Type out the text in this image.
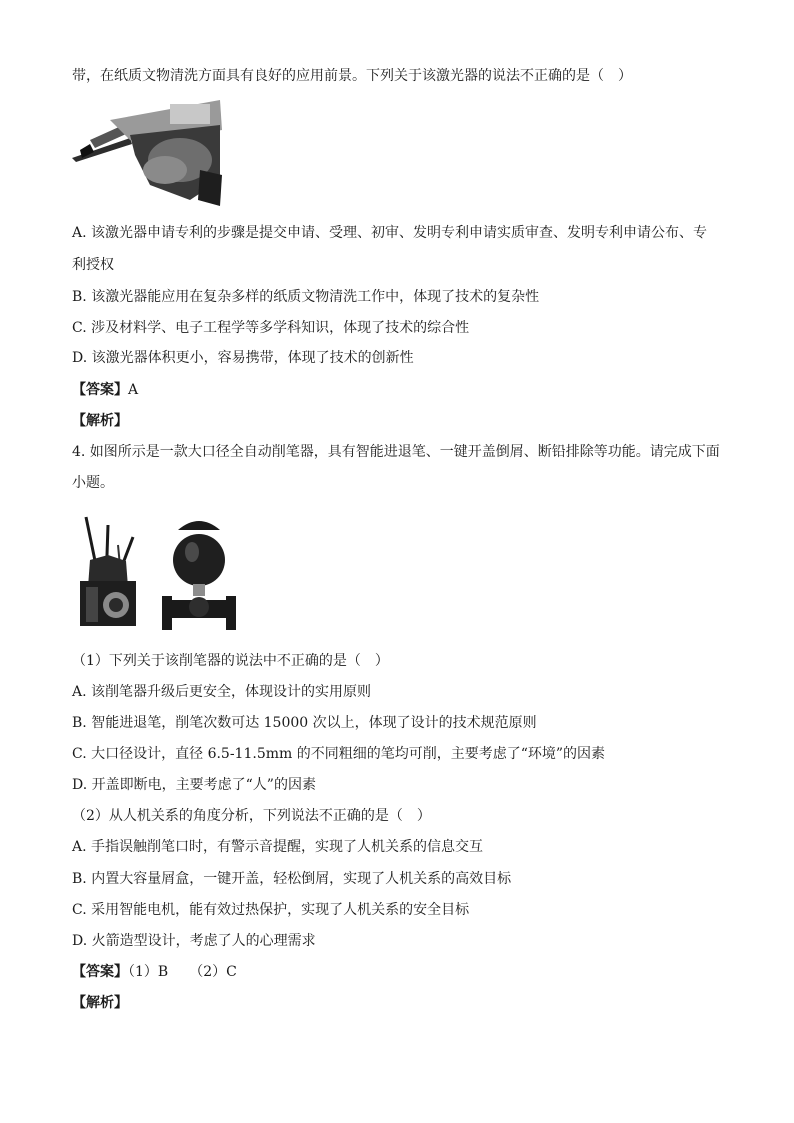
带，在纸质文物清洗方面具有良好的应用前景。下列关于该激光器的说法不正确的是（　）
A. 该激光器申请专利的步骤是提交申请、受理、初审、发明专利申请实质审查、发明专利申请公布、专
利授权
B. 该激光器能应用在复杂多样的纸质文物清洗工作中，体现了技术的复杂性
C. 涉及材料学、电子工程学等多学科知识，体现了技术的综合性
D. 该激光器体积更小，容易携带，体现了技术的创新性
【答案】A
【解析】
4. 如图所示是一款大口径全自动削笔器，具有智能进退笔、一键开盖倒屑、断铅排除等功能。请完成下面
小题。
（1）下列关于该削笔器的说法中不正确的是（　）
A. 该削笔器升级后更安全，体现设计的实用原则
B. 智能进退笔，削笔次数可达 15000 次以上，体现了设计的技术规范原则
C. 大口径设计，直径 6.5-11.5mm 的不同粗细的笔均可削，主要考虑了“环境”的因素
D. 开盖即断电，主要考虑了“人”的因素
（2）从人机关系的角度分析，下列说法不正确的是（　）
A. 手指误触削笔口时，有警示音提醒，实现了人机关系的信息交互
B. 内置大容量屑盒，一键开盖，轻松倒屑，实现了人机关系的高效目标
C. 采用智能电机，能有效过热保护，实现了人机关系的安全目标
D. 火箭造型设计，考虑了人的心理需求
【答案】（1）B　　（2）C
【解析】
